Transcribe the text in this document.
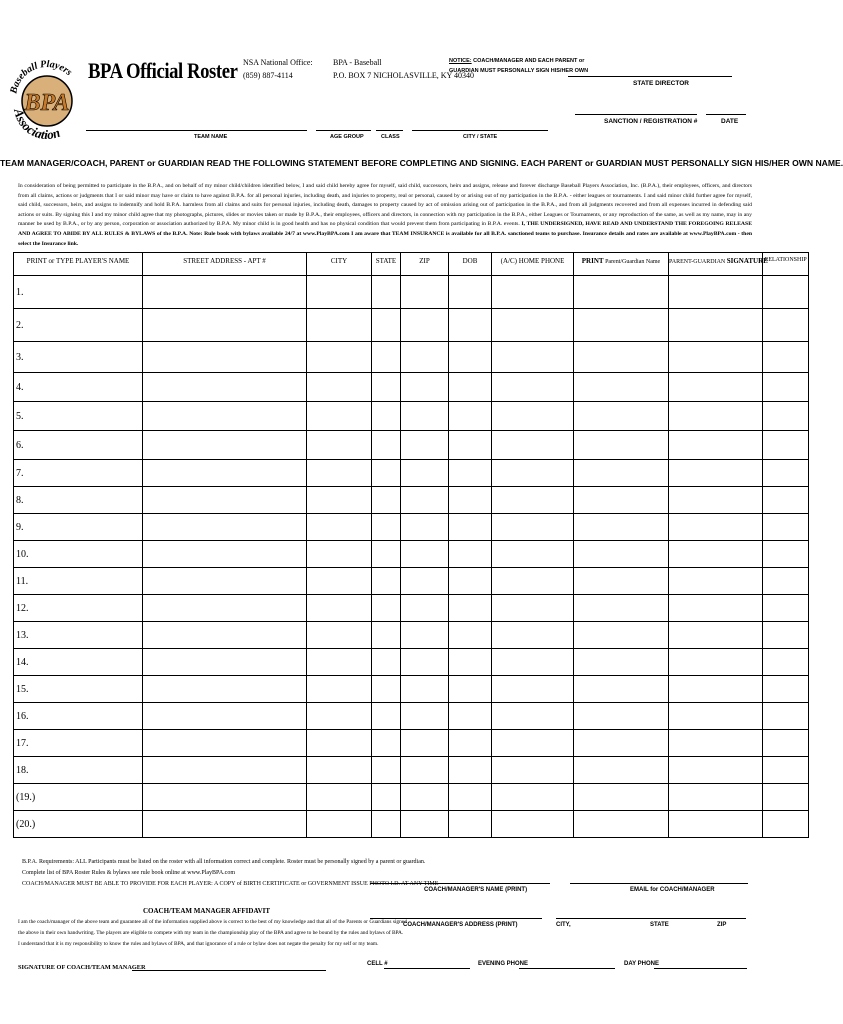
Baseball Players
BPA
Association
BPA Official Roster NSA National Office:
(859) 887-4114
BPA - Baseball
P.O. BOX 7 NICHOLASVILLE, KY 40340
NOTICE: COACH/MANAGER AND EACH PARENT or
GUARDIAN MUST PERSONALLY SIGN HIS/HER OWN
STATE DIRECTOR
SANCTION / REGISTRATION #	DATE
TEAM NAME	AGE GROUP	CLASS	CITY / STATE
TEAM MANAGER/COACH, PARENT or GUARDIAN READ THE FOLLOWING STATEMENT BEFORE COMPLETING AND SIGNING. EACH PARENT or GUARDIAN MUST PERSONALLY SIGN HIS/HER OWN NAME.
In consideration of being permitted to participate in the B.P.A., and on behalf of my minor child/children identified below, I and said child hereby agree for myself, said child, successors, heirs and assigns, release and forever discharge Baseball Players Association, Inc. (B.P.A.), their employees, officers, and directors from all claims, actions or judgments that I or said minor may have or claim to have against B.P.A. for all personal injuries, including death, and injuries to property, real or personal, caused by or arising out of my participation in the B.P.A. - either leagues or tournaments. I and said minor child further agree for myself, said child, successors, heirs, and assigns to indemnify and hold B.P.A. harmless from all claims and suits for personal injuries, including death, damages to property caused by act of omission arising out of participation in the B.P.A., and from all judgments recovered and from all expenses incurred in defending said actions or suits. By signing this I and my minor child agree that my photographs, pictures, slides or movies taken or made by B.P.A., their employees, officers and directors, in connection with my participation in the B.P.A., either Leagues or Tournaments, or any reproduction of the same, as well as my name, may in any manner be used by B.P.A., or by any person, corporation or association authorized by B.P.A. My minor child is in good health and has no physical condition that would prevent them from participating in B.P.A. events. I, THE UNDERSIGNED, HAVE READ AND UNDERSTAND THE FOREGOING RELEASE AND AGREE TO ABIDE BY ALL RULES & BYLAWS of the B.P.A. Note: Rule book with bylaws available 24/7 at www.PlayBPA.com I am aware that TEAM INSURANCE is available for all B.P.A. sanctioned teams to purchase. Insurance details and rates are available at www.PlayBPA.com - then select the Insurance link.
PRINT or TYPE PLAYER'S NAME	STREET ADDRESS - APT #	CITY	STATE	ZIP	DOB	(A/C) HOME PHONE	PRINT Parent/Guardian Name	PARENT-GUARDIAN SIGNATURE	RELATIONSHIP
1.									
2.									
3.									
4.									
5.									
6.									
7.									
8.									
9.									
10.									
11.									
12.									
13.									
14.									
15.									
16.									
17.									
18.									
(19.)									
(20.)									
B.P.A. Requirements: ALL Participants must be listed on the roster with all information correct and complete. Roster must be personally signed by a parent or guardian.
Complete list of BPA Roster Rules & bylaws see rule book online at www.PlayBPA.com
COACH/MANAGER MUST BE ABLE TO PROVIDE FOR EACH PLAYER: A COPY of BIRTH CERTIFICATE or GOVERNMENT ISSUE PHOTO I.D. AT ANY TIME
COACH/MANAGER'S NAME (PRINT)	EMAIL for COACH/MANAGER
COACH/TEAM MANAGER AFFIDAVIT
I am the coach/manager of the above team and guarantee all of the information supplied above is correct to the best of my knowledge and that all of the Parents or Guardians signed
the above in their own handwriting. The players are eligible to compete with my team in the championship play of the BPA and agree to be bound by the rules and bylaws of BPA.
I understand that it is my responsibility to know the rules and bylaws of BPA, and that ignorance of a rule or bylaw does not negate the penalty for my self or my team.
COACH/MANAGER'S ADDRESS (PRINT)	CITY,	STATE	ZIP
SIGNATURE OF COACH/TEAM MANAGER	CELL #	EVENING PHONE	DAY PHONE
